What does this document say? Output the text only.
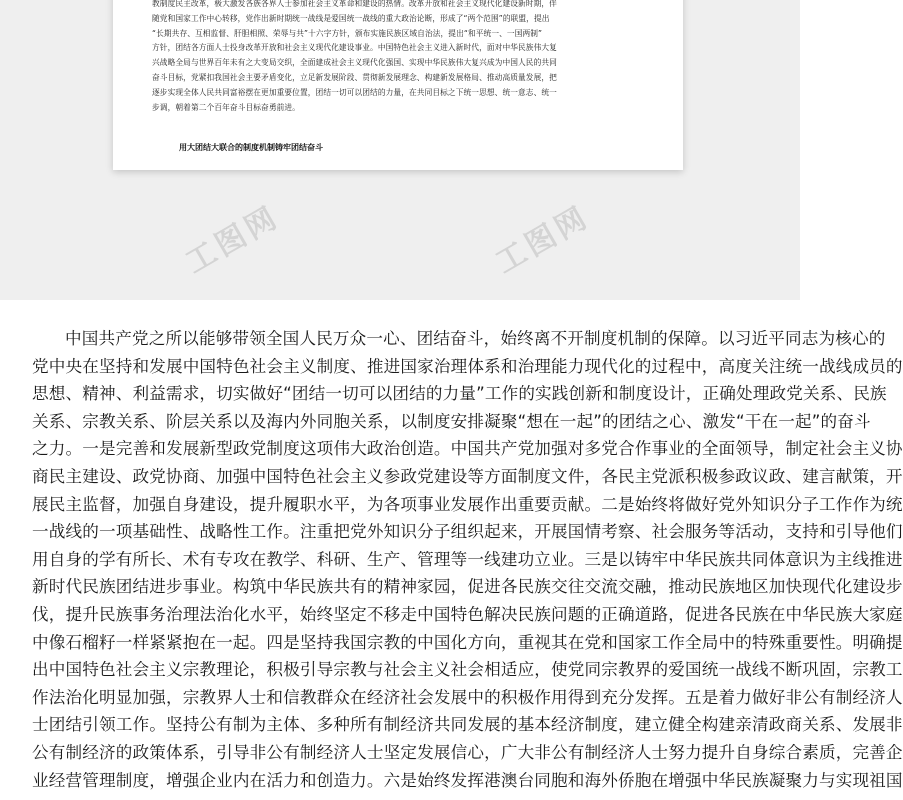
教制度民主改革，极大激发各族各界人士参加社会主义革命和建设的热情。改革开放和社会主义现代化建设新时期，伴
随党和国家工作中心转移，党作出新时期统一战线是爱国统一战线的重大政治论断，形成了“两个范围”的联盟，提出
“长期共存、互相监督、肝胆相照、荣辱与共”十六字方针，颁布实施民族区域自治法，提出“和平统一、一国两制”
方针，团结各方面人士投身改革开放和社会主义现代化建设事业。中国特色社会主义进入新时代，面对中华民族伟大复
兴战略全局与世界百年未有之大变局交织，全面建成社会主义现代化强国、实现中华民族伟大复兴成为中国人民的共同
奋斗目标，党紧扣我国社会主要矛盾变化，立足新发展阶段、贯彻新发展理念、构建新发展格局、推动高质量发展，把
逐步实现全体人民共同富裕摆在更加重要位置，团结一切可以团结的力量，在共同目标之下统一思想、统一意志、统一
步调，朝着第二个百年奋斗目标奋勇前进。
用大团结大联合的制度机制铸牢团结奋斗
工图网	工图网
中国共产党之所以能够带领全国人民万众一心、团结奋斗，始终离不开制度机制的保障。以习近平同志为核心的
党中央在坚持和发展中国特色社会主义制度、推进国家治理体系和治理能力现代化的过程中，高度关注统一战线成员的
思想、精神、利益需求，切实做好“团结一切可以团结的力量”工作的实践创新和制度设计，正确处理政党关系、民族
关系、宗教关系、阶层关系以及海内外同胞关系，以制度安排凝聚“想在一起”的团结之心、激发“干在一起”的奋斗
之力。一是完善和发展新型政党制度这项伟大政治创造。中国共产党加强对多党合作事业的全面领导，制定社会主义协
商民主建设、政党协商、加强中国特色社会主义参政党建设等方面制度文件，各民主党派积极参政议政、建言献策，开
展民主监督，加强自身建设，提升履职水平，为各项事业发展作出重要贡献。二是始终将做好党外知识分子工作作为统
一战线的一项基础性、战略性工作。注重把党外知识分子组织起来，开展国情考察、社会服务等活动，支持和引导他们
用自身的学有所长、术有专攻在教学、科研、生产、管理等一线建功立业。三是以铸牢中华民族共同体意识为主线推进
新时代民族团结进步事业。构筑中华民族共有的精神家园，促进各民族交往交流交融，推动民族地区加快现代化建设步
伐，提升民族事务治理法治化水平，始终坚定不移走中国特色解决民族问题的正确道路，促进各民族在中华民族大家庭
中像石榴籽一样紧紧抱在一起。四是坚持我国宗教的中国化方向，重视其在党和国家工作全局中的特殊重要性。明确提
出中国特色社会主义宗教理论，积极引导宗教与社会主义社会相适应，使党同宗教界的爱国统一战线不断巩固，宗教工
作法治化明显加强，宗教界人士和信教群众在经济社会发展中的积极作用得到充分发挥。五是着力做好非公有制经济人
士团结引领工作。坚持公有制为主体、多种所有制经济共同发展的基本经济制度，建立健全构建亲清政商关系、发展非
公有制经济的政策体系，引导非公有制经济人士坚定发展信心，广大非公有制经济人士努力提升自身综合素质，完善企
业经营管理制度，增强企业内在活力和创造力。六是始终发挥港澳台同胞和海外侨胞在增强中华民族凝聚力与实现祖国
